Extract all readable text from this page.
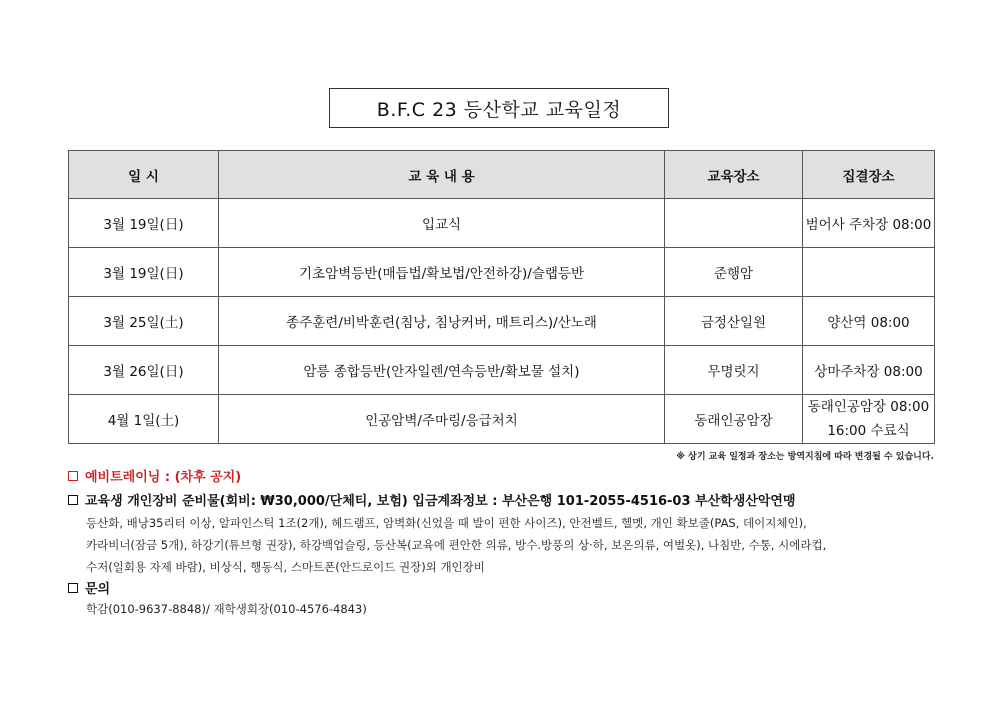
B.F.C 23 등산학교 교육일정
일 시	교 육 내 용	교육장소	집결장소
3월 19일(日)	입교식		범어사 주차장 08:00
3월 19일(日)	기초암벽등반(매듭법/확보법/안전하강)/슬랩등반	준행암	
3월 25일(土)	종주훈련/비박훈련(침낭, 침낭커버, 매트리스)/산노래	금정산일원	양산역 08:00
3월 26일(日)	암릉 종합등반(안자일렌/연속등반/확보물 설치)	무명릿지	상마주차장 08:00
4월 1일(土)	인공암벽/주마링/응급처치	동래인공암장	동래인공암장 08:00
16:00 수료식
※ 상기 교육 일정과 장소는 방역지침에 따라 변경될 수 있습니다.
예비트레이닝 : (차후 공지)
교육생 개인장비 준비물(회비: ₩30,000/단체티, 보험) 입금계좌정보 : 부산은행 101-2055-4516-03 부산학생산악연맹
등산화, 배낭35리터 이상, 알파인스틱 1조(2개), 헤드램프, 암벽화(신었을 때 발이 편한 사이즈), 안전벨트, 헬멧, 개인 확보줄(PAS, 데이지체인),
카라비너(잠금 5개), 하강기(튜브형 권장), 하강백업슬링, 등산복(교육에 편안한 의류, 방수.방풍의 상·하, 보온의류, 여벌옷), 나침반, 수통, 시에라컵,
수저(일회용 자제 바람), 비상식, 행동식, 스마트폰(안드로이드 권장)외 개인장비
문의
학감(010-9637-8848)/ 재학생회장(010-4576-4843)
